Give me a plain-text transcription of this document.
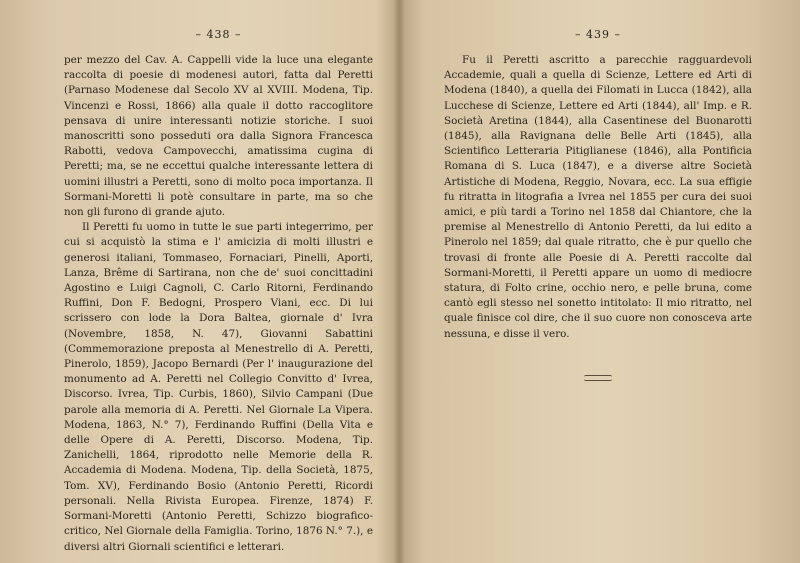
– 438 –

per mezzo del Cav. A. Cappelli vide la luce una elegante raccolta di poesie di modenesi autori, fatta dal Peretti (Parnaso Modenese dal Secolo XV al XVIII. Modena, Tip. Vincenzi e Rossi, 1866) alla quale il dotto raccoglitore pensava di unire interessanti notizie storiche. I suoi manoscritti sono posseduti ora dalla Signora Francesca Rabotti, vedova Campovecchi, amatissima cugina di Peretti; ma, se ne eccettui qualche interessante lettera di uomini illustri a Peretti, sono di molto poca importanza. Il Sormani-Moretti li potè consultare in parte, ma so che non gli furono di grande ajuto.

Il Peretti fu uomo in tutte le sue parti integerrimo, per cui si acquistò la stima e l' amicizia di molti illustri e generosi italiani, Tommaseo, Fornaciari, Pinelli, Aporti, Lanza, Brême di Sartirana, non che de' suoi concittadini Agostino e Luigi Cagnoli, C. Carlo Ritorni, Ferdinando Ruffini, Don F. Bedogni, Prospero Viani, ecc. Di lui scrissero con lode la Dora Baltea, giornale d' Ivra (Novembre, 1858, N. 47), Giovanni Sabattini (Commemorazione preposta al Menestrello di A. Peretti, Pinerolo, 1859), Jacopo Bernardi (Per l' inaugurazione del monumento ad A. Peretti nel Collegio Convitto d' Ivrea, Discorso. Ivrea, Tip. Curbis, 1860), Silvio Campani (Due parole alla memoria di A. Peretti. Nel Giornale La Vipera. Modena, 1863, N.° 7), Ferdinando Ruffini (Della Vita e delle Opere di A. Peretti, Discorso. Modena, Tip. Zanichelli, 1864, riprodotto nelle Memorie della R. Accademia di Modena. Modena, Tip. della Società, 1875, Tom. XV), Ferdinando Bosio (Antonio Peretti, Ricordi personali. Nella Rivista Europea. Firenze, 1874) F. Sormani-Moretti (Antonio Peretti, Schizzo biografico-critico, Nel Giornale della Famiglia. Torino, 1876 N.° 7.), e diversi altri Giornali scientifici e letterari.

– 439 –

Fu il Peretti ascritto a parecchie ragguardevoli Accademie, quali a quella di Scienze, Lettere ed Arti di Modena (1840), a quella dei Filomati in Lucca (1842), alla Lucchese di Scienze, Lettere ed Arti (1844), all' Imp. e R. Società Aretina (1844), alla Casentinese del Buonarotti (1845), alla Ravignana delle Belle Arti (1845), alla Scientifico Letteraria Pitiglianese (1846), alla Pontificia Romana di S. Luca (1847), e a diverse altre Società Artistiche di Modena, Reggio, Novara, ecc. La sua effigie fu ritratta in litografia a Ivrea nel 1855 per cura dei suoi amici, e più tardi a Torino nel 1858 dal Chiantore, che la premise al Menestrello di Antonio Peretti, da lui edito a Pinerolo nel 1859; dal quale ritratto, che è pur quello che trovasi di fronte alle Poesie di A. Peretti raccolte dal Sormani-Moretti, il Peretti appare un uomo di mediocre statura, di Folto crine, occhio nero, e pelle bruna, come cantò egli stesso nel sonetto intitolato: Il mio ritratto, nel quale finisce col dire, che il suo cuore non conosceva arte nessuna, e disse il vero.
